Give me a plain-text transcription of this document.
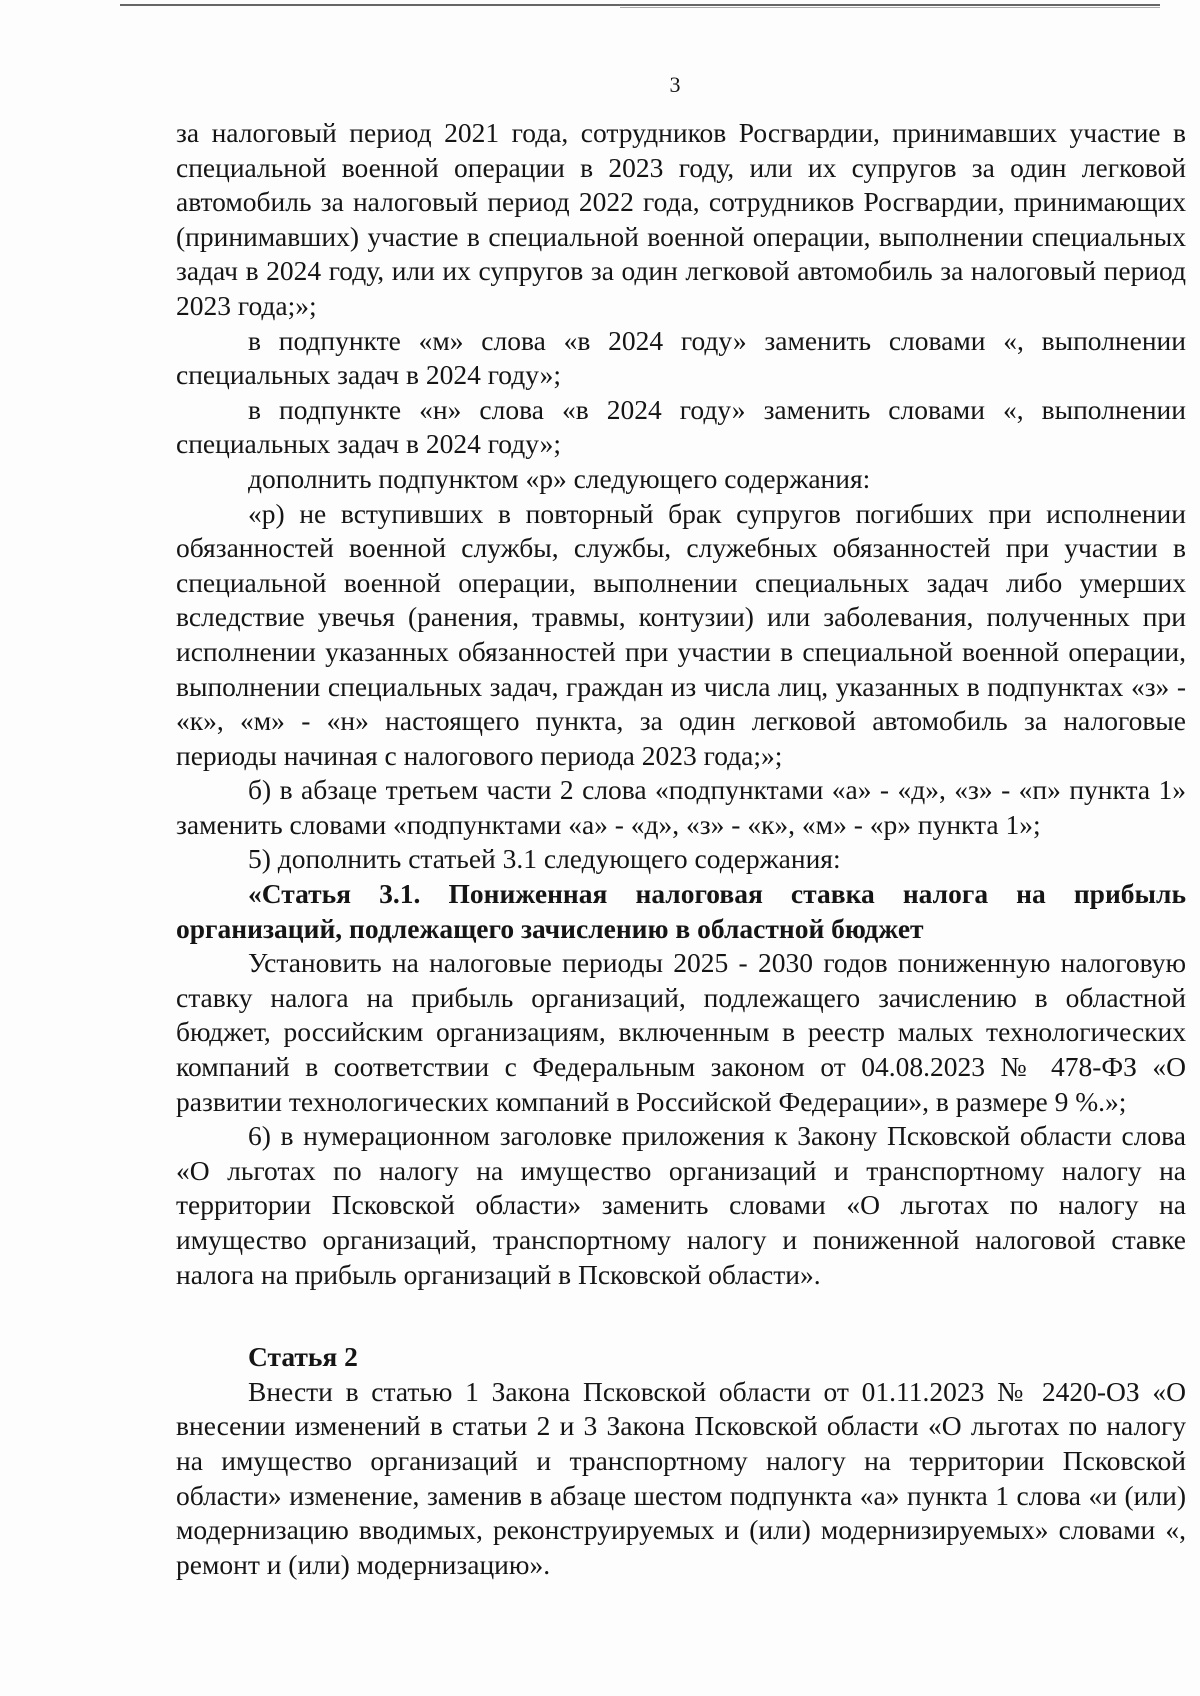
3

за налоговый период 2021 года, сотрудников Росгвардии, принимавших участие в специальной военной операции в 2023 году, или их супругов за один легковой автомобиль за налоговый период 2022 года, сотрудников Росгвардии, принимающих (принимавших) участие в специальной военной операции, выполнении специальных задач в 2024 году, или их супругов за один легковой автомобиль за налоговый период 2023 года;»;

в подпункте «м» слова «в 2024 году» заменить словами «, выполнении специальных задач в 2024 году»;

в подпункте «н» слова «в 2024 году» заменить словами «, выполнении специальных задач в 2024 году»;

дополнить подпунктом «р» следующего содержания:

«р) не вступивших в повторный брак супругов погибших при исполнении обязанностей военной службы, службы, служебных обязанностей при участии в специальной военной операции, выполнении специальных задач либо умерших вследствие увечья (ранения, травмы, контузии) или заболевания, полученных при исполнении указанных обязанностей при участии в специальной военной операции, выполнении специальных задач, граждан из числа лиц, указанных в подпунктах «з» - «к», «м» - «н» настоящего пункта, за один легковой автомобиль за налоговые периоды начиная с налогового периода 2023 года;»;

б) в абзаце третьем части 2 слова «подпунктами «а» - «д», «з» - «п» пункта 1» заменить словами «подпунктами «а» - «д», «з» - «к», «м» - «р» пункта 1»;

5) дополнить статьей 3.1 следующего содержания:

«Статья 3.1. Пониженная налоговая ставка налога на прибыль организаций, подлежащего зачислению в областной бюджет

Установить на налоговые периоды 2025 - 2030 годов пониженную налоговую ставку налога на прибыль организаций, подлежащего зачислению в областной бюджет, российским организациям, включенным в реестр малых технологических компаний в соответствии с Федеральным законом от 04.08.2023 № 478-ФЗ «О развитии технологических компаний в Российской Федерации», в размере 9 %.»;

6) в нумерационном заголовке приложения к Закону Псковской области слова «О льготах по налогу на имущество организаций и транспортному налогу на территории Псковской области» заменить словами «О льготах по налогу на имущество организаций, транспортному налогу и пониженной налоговой ставке налога на прибыль организаций в Псковской области».

Статья 2

Внести в статью 1 Закона Псковской области от 01.11.2023 № 2420-ОЗ «О внесении изменений в статьи 2 и 3 Закона Псковской области «О льготах по налогу на имущество организаций и транспортному налогу на территории Псковской области» изменение, заменив в абзаце шестом подпункта «а» пункта 1 слова «и (или) модернизацию вводимых, реконструируемых и (или) модернизируемых» словами «, ремонт и (или) модернизацию».
